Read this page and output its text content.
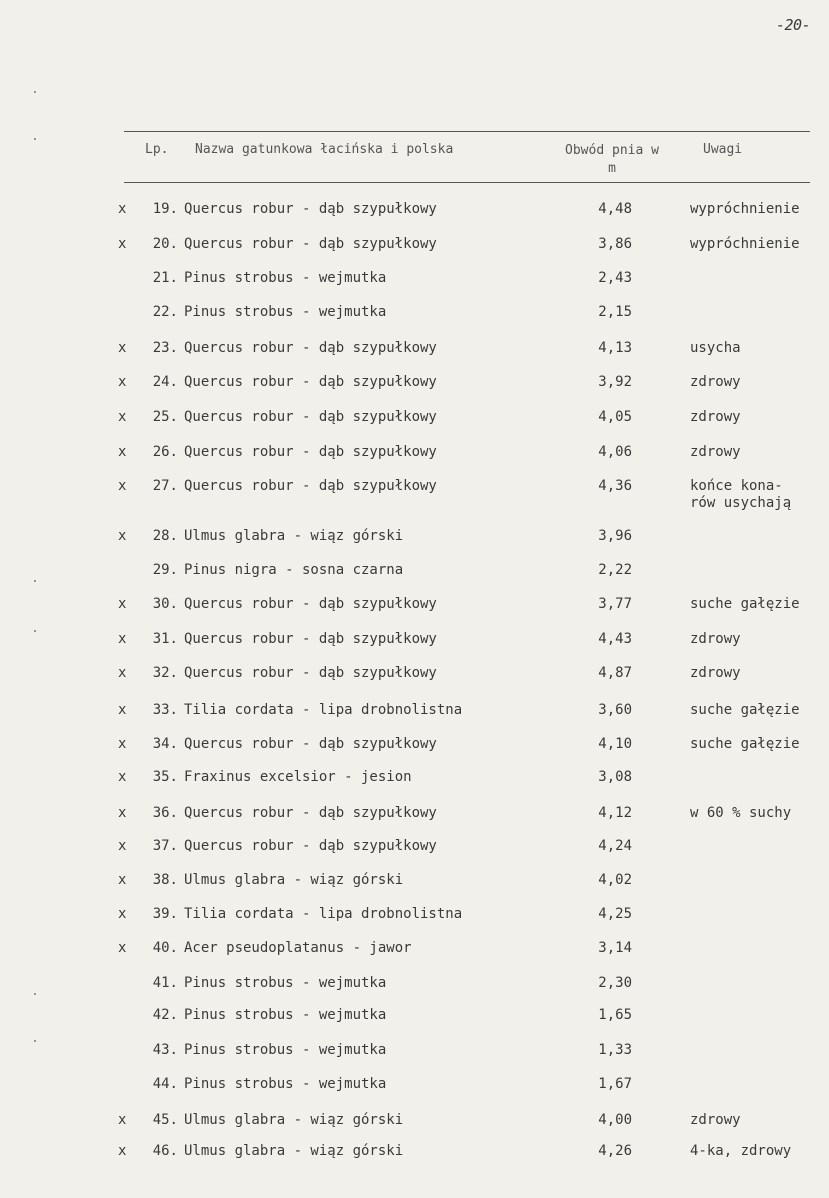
-20-
Lp. Nazwa gatunkowa łacińska i polska	Obwód pnia w m
Uwagi
x	19. Quercus robur - dąb szypułkowy	4,48	wypróchnienie
x	20. Quercus robur - dąb szypułkowy	3,86	wypróchnienie
21. Pinus strobus - wejmutka	2,43
22. Pinus strobus - wejmutka	2,15
x	23. Quercus robur - dąb szypułkowy	4,13	usycha
x	24. Quercus robur - dąb szypułkowy	3,92	zdrowy
x	25. Quercus robur - dąb szypułkowy	4,05	zdrowy
x	26. Quercus robur - dąb szypułkowy	4,06	zdrowy
x	27. Quercus robur - dąb szypułkowy	4,36	końce kona-
rów usychają
x	28. Ulmus glabra - wiąz górski	3,96
29. Pinus nigra - sosna czarna	2,22
x	30. Quercus robur - dąb szypułkowy	3,77	suche gałęzie
x	31. Quercus robur - dąb szypułkowy	4,43	zdrowy
x	32. Quercus robur - dąb szypułkowy	4,87	zdrowy
x	33. Tilia cordata - lipa drobnolistna	3,60	suche gałęzie
x	34. Quercus robur - dąb szypułkowy	4,10	suche gałęzie
x	35. Fraxinus excelsior - jesion	3,08
x	36. Quercus robur - dąb szypułkowy	4,12	w 60 % suchy
x	37. Quercus robur - dąb szypułkowy	4,24
x	38. Ulmus glabra - wiąz górski	4,02
x	39. Tilia cordata - lipa drobnolistna	4,25
x	40. Acer pseudoplatanus - jawor	3,14
41. Pinus strobus - wejmutka	2,30
42. Pinus strobus - wejmutka	1,65
43. Pinus strobus - wejmutka	1,33
44. Pinus strobus - wejmutka	1,67
x	45. Ulmus glabra - wiąz górski	4,00	zdrowy
x	46. Ulmus glabra - wiąz górski	4,26	4-ka, zdrowy
